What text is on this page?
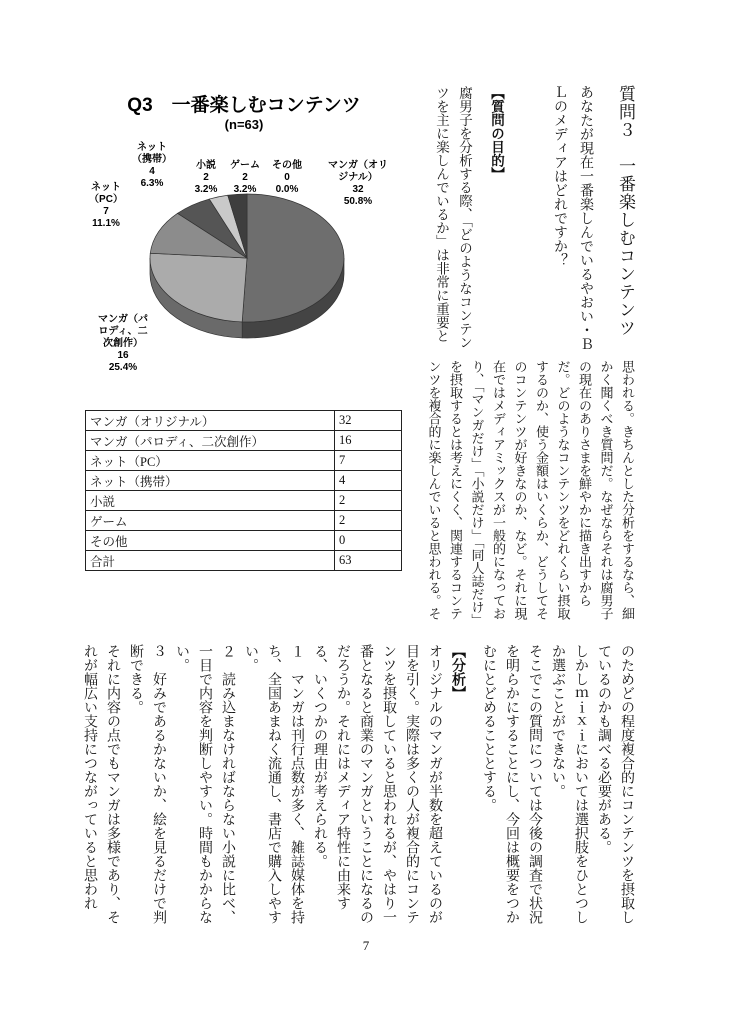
Q3　一番楽しむコンテンツ
(n=63)
マンガ（オリジナル）
32
50.8%
マンガ（パロディ、二次創作）
16
25.4%
ネット（PC）
7
11.1%
ネット（携帯）
4
6.3%
小説
2
3.2%
ゲーム
2
3.2%
その他
0
0.0%
マンガ（オリジナル）	32
マンガ（パロディ、二次創作）	16
ネット（PC）	7
ネット（携帯）	4
小説	2
ゲーム	2
その他	0
合計	63

質問３　一番楽しむコンテンツ

あなたが現在一番楽しんでいるやおい・ＢＬのメディアはどれですか？

【質問の目的】

腐男子を分析する際、「どのようなコンテンツを主に楽しんでいるか」は非常に重要と

思われる。きちんとした分析をするなら、細かく聞くべき質問だ。なぜならそれは腐男子の現在のありさまを鮮やかに描き出すからだ。どのようなコンテンツをどれくらい摂取するのか、使う金額はいくらか、どうしてそのコンテンツが好きなのか、など。それに現在ではメディアミックスが一般的になっており、「マンガだけ」「小説だけ」「同人誌だけ」を摂取するとは考えにくく、関連するコンテンツを複合的に楽しんでいると思われる。そ

のためどの程度複合的にコンテンツを摂取しているのかも調べる必要がある。

しかしｍｉｘｉにおいては選択肢をひとつしか選ぶことができない。

そこでこの質問については今後の調査で状況を明らかにすることにし、今回は概要をつかむにとどめることとする。

【分析】

オリジナルのマンガが半数を超えているのが目を引く。実際は多くの人が複合的にコンテンツを摂取していると思われるが、やはり一番となると商業のマンガということになるのだろうか。それにはメディア特性に由来する、いくつかの理由が考えられる。

１　マンガは刊行点数が多く、雑誌媒体を持ち、全国あまねく流通し、書店で購入しやすい。

２　読み込まなければならない小説に比べ、一目で内容を判断しやすい。時間もかからない。

３　好みであるかないか、絵を見るだけで判断できる。

それに内容の点でもマンガは多様であり、それが幅広い支持につながっていると思われ

7
